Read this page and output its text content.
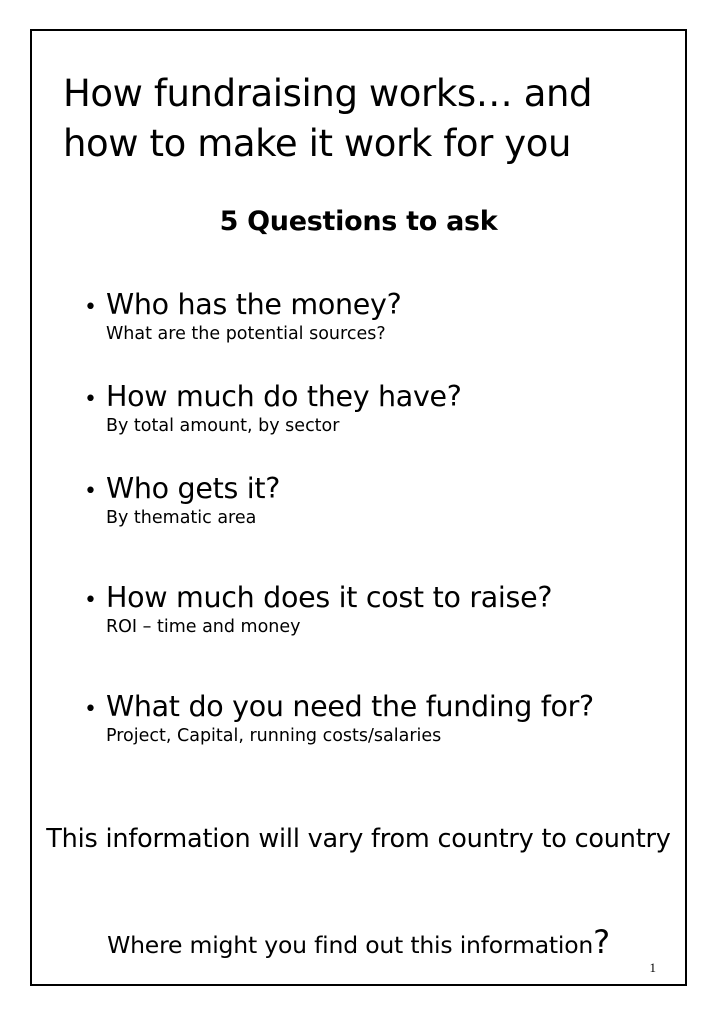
How fundraising works… and
how to make it work for you
5 Questions to ask
• Who has the money?
What are the potential sources?
• How much do they have?
By total amount, by sector
• Who gets it?
By thematic area
• How much does it cost to raise?
ROI – time and money
• What do you need the funding for?
Project, Capital, running costs/salaries

This information will vary from country to country

Where might you find out this information?

1
